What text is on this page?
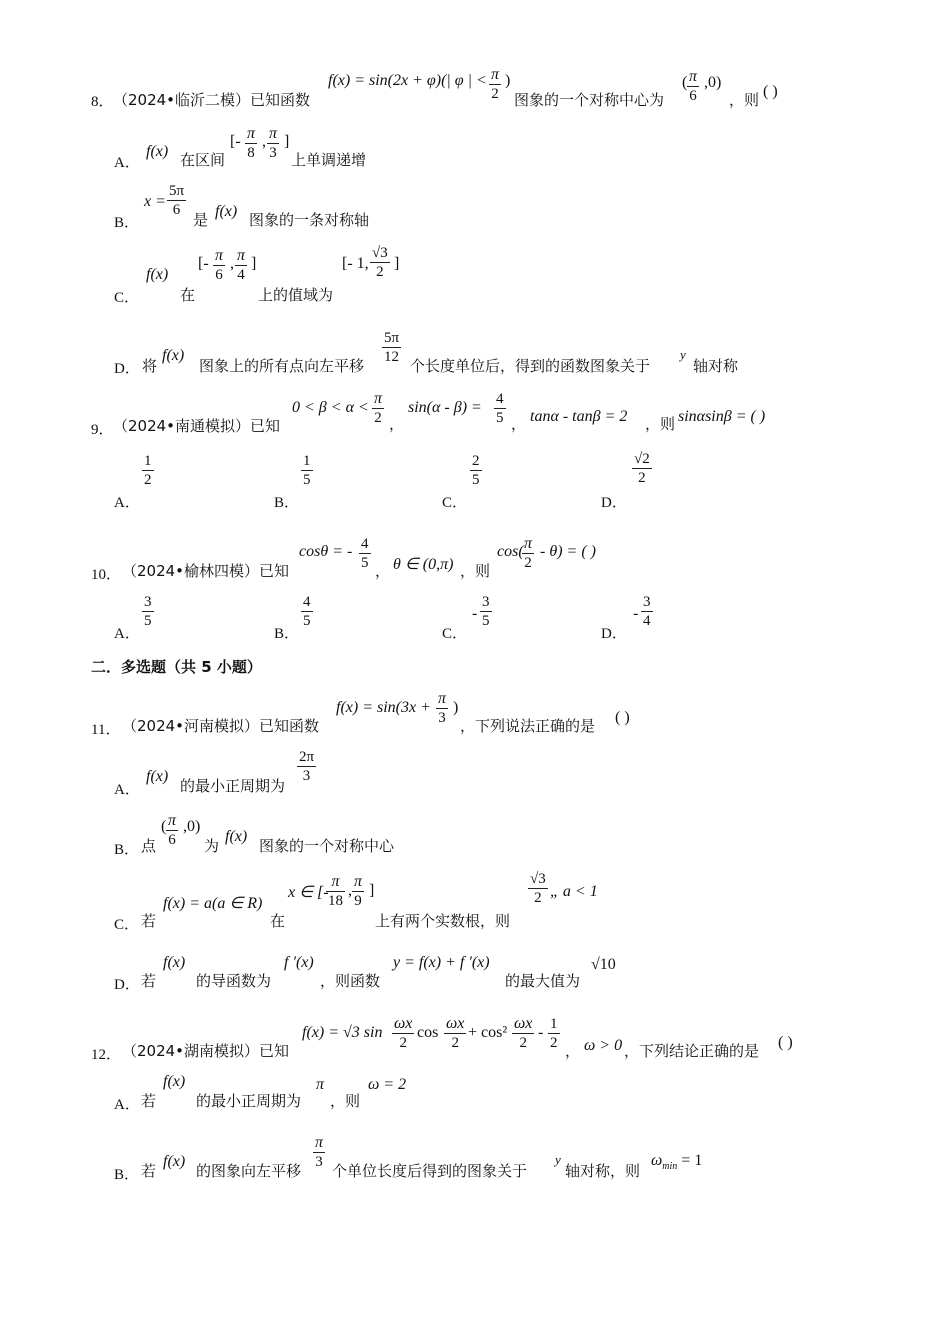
8． （2024•临沂二模）已知函数
f(x) = sin(2x + φ)(| φ | < $\frac{\pi}{2}$ )
图象的一个对称中心为
( $\frac{\pi}{6} ,0$)
，则 ( )
A．
f(x) 在区间
[- $\frac{\pi}{8}$ , $\frac{\pi}{3}$ ]
上单调递增
B．
$x = \frac{5\pi}{6}$
是 f(x) 图象的一条对称轴
C．
f(x)
在
[- $\frac{\pi}{6}$ , $\frac{\pi}{4}$ ]
上的值域为
[- 1, $\frac{√3}{2}$ ]
D． 将
f(x)
图象上的所有点向左平移 $\frac{5\pi}{12}$ 个长度单位后，得到的函数图象关于
y
轴对称
9． （2024•南通模拟）已知
$0 < \beta < \alpha < \frac{\pi}{2}$ ，
$\sin(\alpha - \beta) = \frac{4}{5}$ ， tanα - tanβ = 2 ，则 sinαsinβ = ( )
A．
$\frac{1}{2}$
B．
$\frac{1}{5}$
C．
$\frac{2}{5}$
D．
$\frac{√2}{2}$
10． （2024•榆林四模）已知
cosθ = - $\frac{4}{5}$ ， θ ∈ (0,π) ，则
cos(
$\frac{\pi}{2} - \theta$) = ( )
A．
$\frac{3}{5}$
B．
$\frac{4}{5}$
C．
- $\frac{3}{5}$
D．
- $\frac{3}{4}$
二．多选题（共 5 小题）
11． （2024•河南模拟）已知函数
$f(x) = \sin(3x + \frac{\pi}{3}$ )
，下列说法正确的是 ( )
A．
f(x)
的最小正周期为
$\frac{2\pi}{3}$
B． 点
( $\frac{\pi}{6} ,0$)
为
f(x)
图象的一个对称中心
C． 若
f(x) = a(a ∈ R)
在
x ∈ [-
$\frac{\pi}{18}$ , $\frac{\pi}{9}$ ]
上有两个实数根，则
$\frac{√3}{2}$ „ a < 1
D． 若
f(x)
的导函数为
f ′(x)
，则函数
y = f(x) + f ′(x)
的最大值为
√10
12． （2024•湖南模拟）已知
f(x) = √3 $\sin \frac{\omega x}{2}$ $\cos \frac{\omega x}{2} + \cos^2 \frac{\omega x}{2} - \frac{1}{2}$ ， ω > 0 ，下列结论正确的是 ( )
A． 若
f(x)
的最小正周期为
π
，则
ω = 2
B． 若
f(x)
的图象向左平移 $\frac{\pi}{3}$ 个单位长度后得到的图象关于
y
轴对称，则
$\omega_{min} = 1$
